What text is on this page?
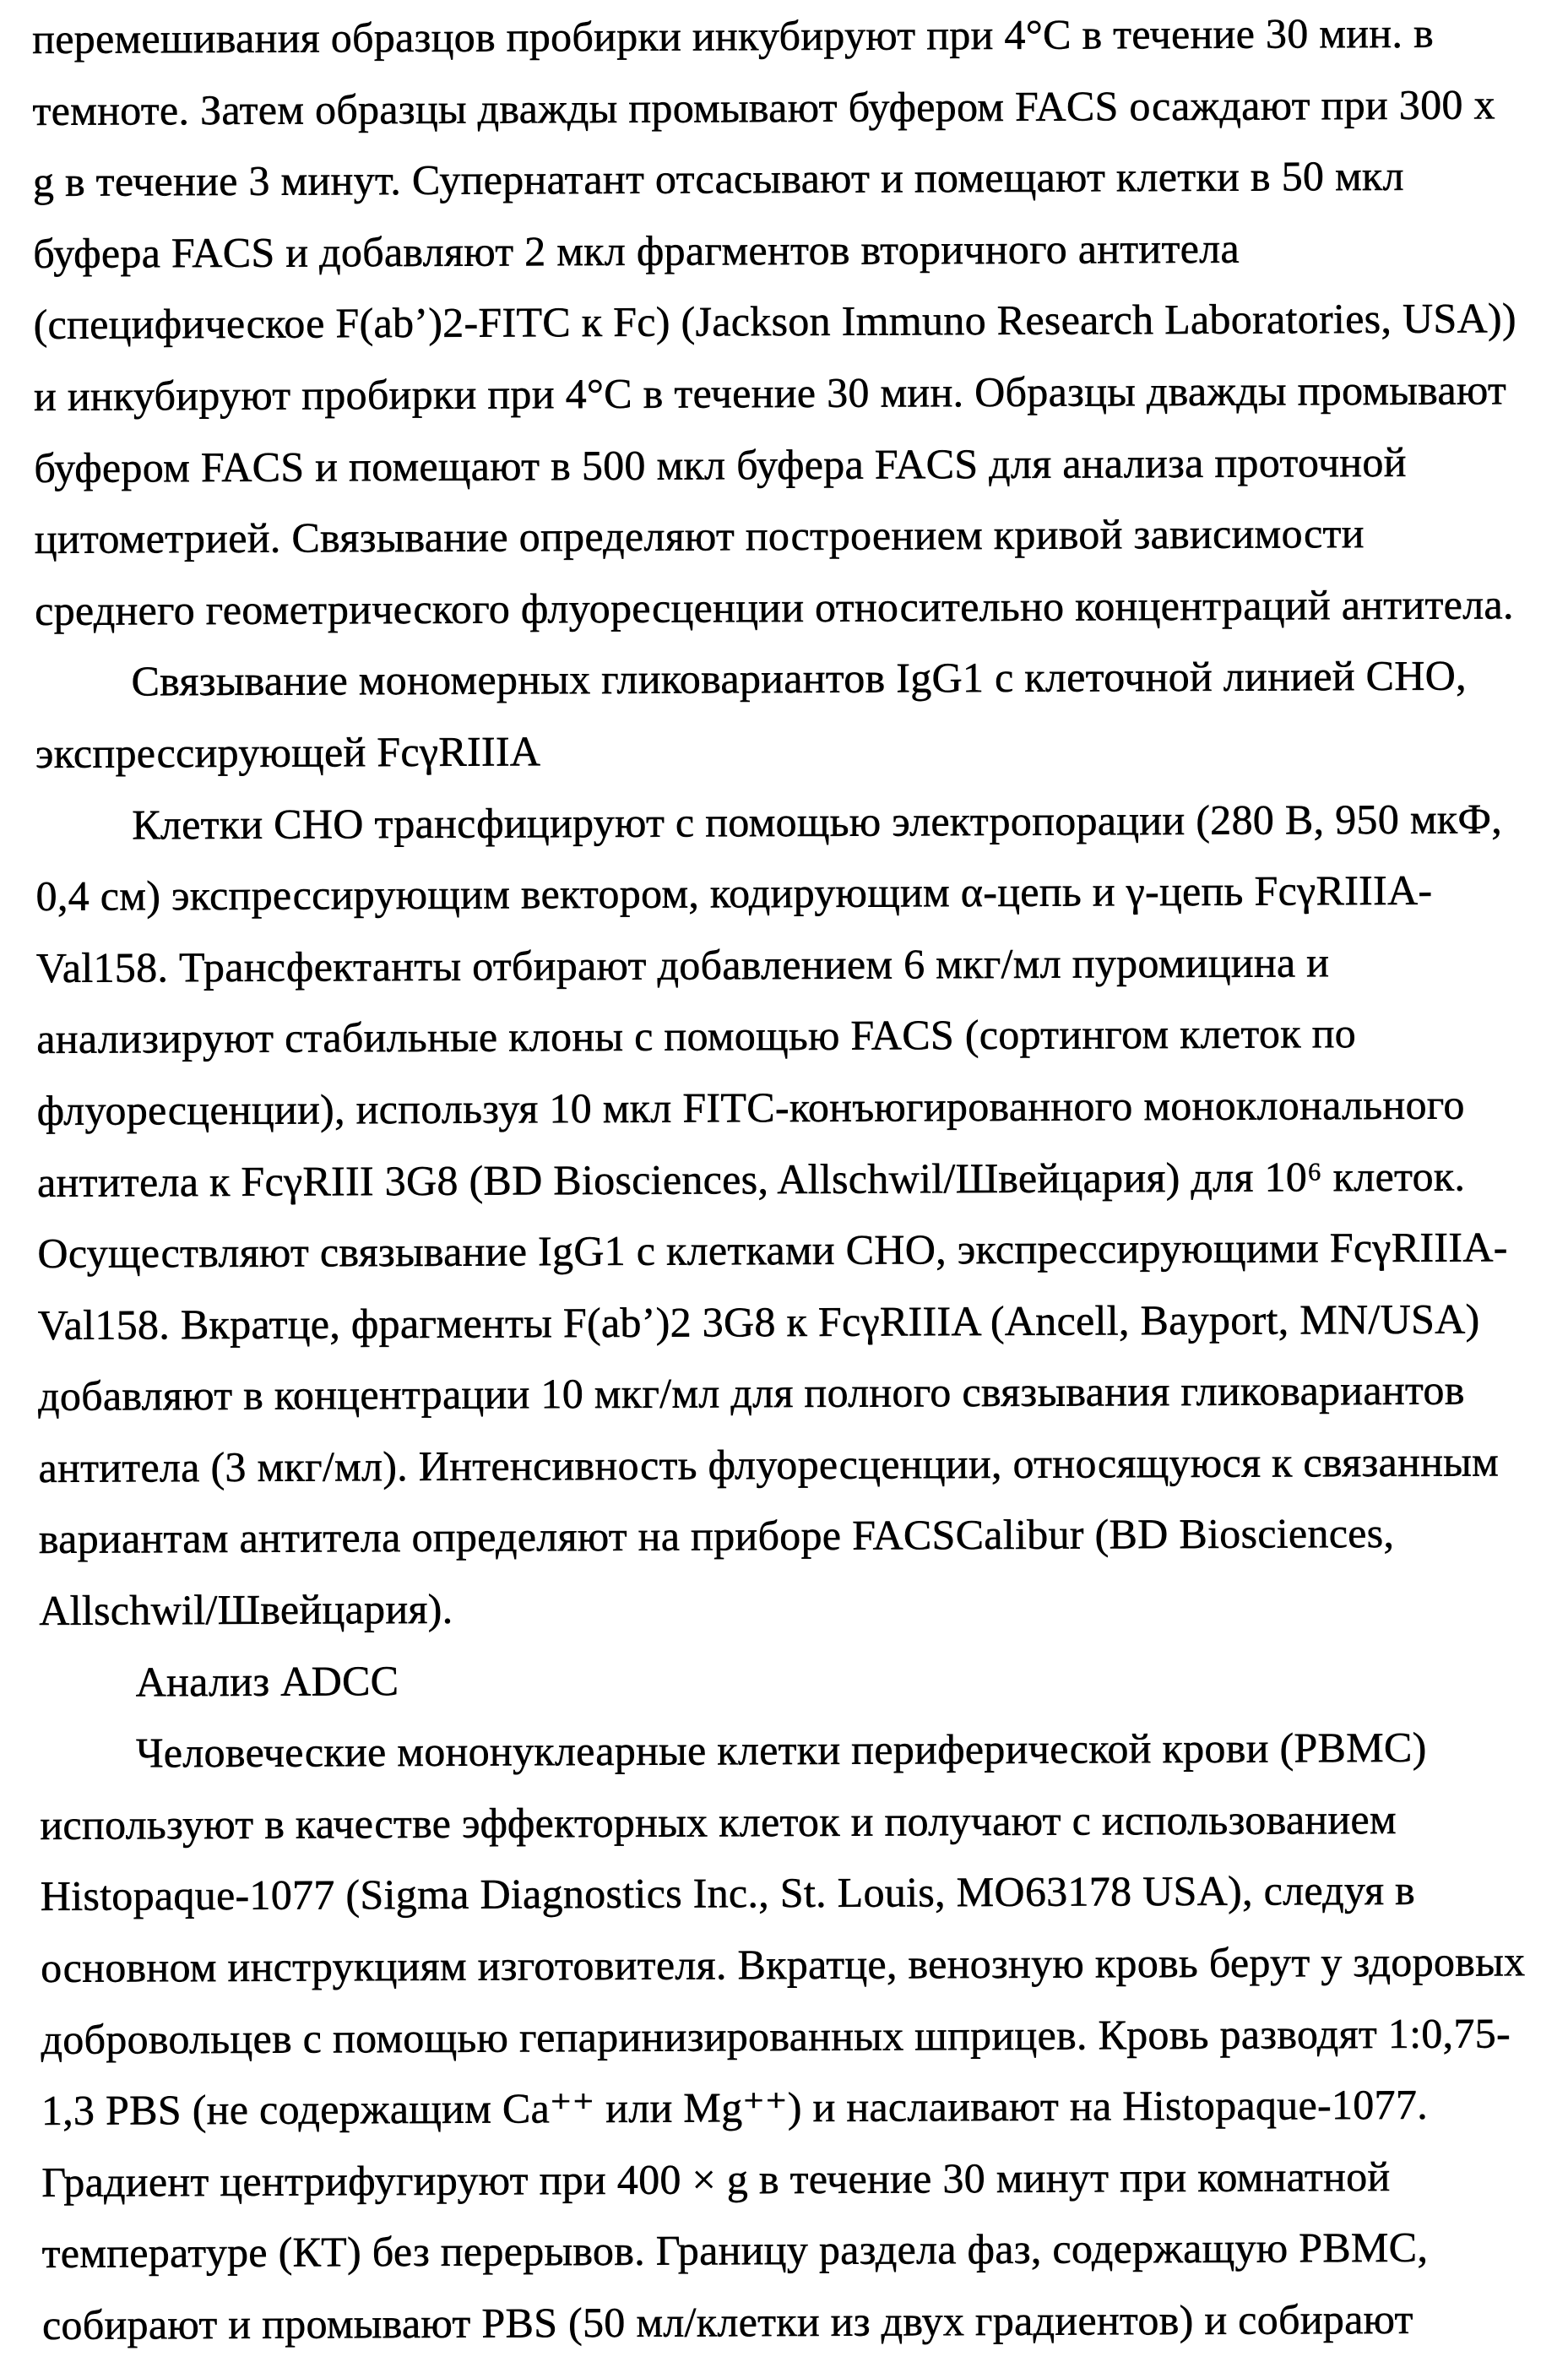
перемешивания образцов пробирки инкубируют при 4°С в течение 30 мин. в
темноте. Затем образцы дважды промывают буфером FACS осаждают при 300 х
g в течение 3 минут. Супернатант отсасывают и помещают клетки в 50 мкл
буфера FACS и добавляют 2 мкл фрагментов вторичного антитела
(специфическое F(ab’)2-FITC к Fc) (Jackson Immuno Research Laboratories, USA))
и инкубируют пробирки при 4°С в течение 30 мин. Образцы дважды промывают
буфером FACS и помещают в 500 мкл буфера FACS для анализа проточной
цитометрией. Связывание определяют построением кривой зависимости
среднего геометрического флуоресценции относительно концентраций антитела.
Связывание мономерных гликовариантов IgG1 с клеточной линией СНО,
экспрессирующей FcγRIIIA
Клетки СНО трансфицируют с помощью электропорации (280 В, 950 мкФ,
0,4 см) экспрессирующим вектором, кодирующим α-цепь и γ-цепь FcγRIIIA-
Val158. Трансфектанты отбирают добавлением 6 мкг/мл пуромицина и
анализируют стабильные клоны с помощью FACS (сортингом клеток по
флуоресценции), используя 10 мкл FITC-конъюгированного моноклонального
антитела к FcγRIII 3G8 (BD Biosciences, Allschwil/Швейцария) для 10⁶ клеток.
Осуществляют связывание IgG1 с клетками СНО, экспрессирующими FcγRIIIA-
Val158. Вкратце, фрагменты F(ab’)2 3G8 к FcγRIIIA (Ancell, Bayport, MN/USA)
добавляют в концентрации 10 мкг/мл для полного связывания гликовариантов
антитела (3 мкг/мл). Интенсивность флуоресценции, относящуюся к связанным
вариантам антитела определяют на приборе FACSCalibur (BD Biosciences,
Allschwil/Швейцария).
Анализ ADCC
Человеческие мононуклеарные клетки периферической крови (PBMC)
используют в качестве эффекторных клеток и получают с использованием
Histopaque-1077 (Sigma Diagnostics Inc., St. Louis, MO63178 USA), следуя в
основном инструкциям изготовителя. Вкратце, венозную кровь берут у здоровых
добровольцев с помощью гепаринизированных шприцев. Кровь разводят 1:0,75-
1,3 PBS (не содержащим Са⁺⁺ или Mg⁺⁺) и наслаивают на Histopaque-1077.
Градиент центрифугируют при 400 × g в течение 30 минут при комнатной
температуре (КТ) без перерывов. Границу раздела фаз, содержащую PBMC,
собирают и промывают PBS (50 мл/клетки из двух градиентов) и собирают
